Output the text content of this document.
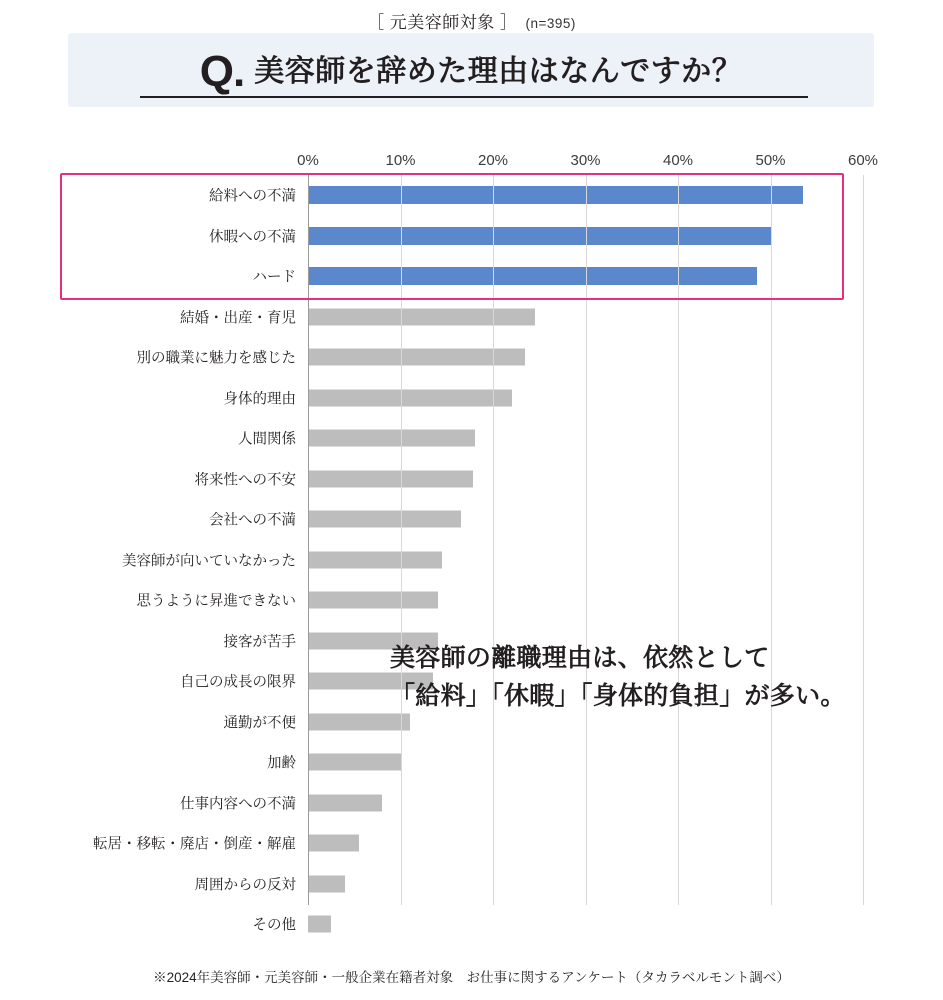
［ 元美容師対象 ］ (n=395)
Q. 美容師を辞めた理由はなんですか？
0%	10%	20%	30%	40%	50%	60%
給料への不満
休暇への不満
ハード
結婚・出産・育児
別の職業に魅力を感じた
身体的理由
人間関係
将来性への不安
会社への不満
美容師が向いていなかった
思うように昇進できない
接客が苦手
自己の成長の限界
通勤が不便
加齢
仕事内容への不満
転居・移転・廃店・倒産・解雇
周囲からの反対
その他
美容師の離職理由は、依然として
「給料」「休暇」「身体的負担」が多い。
※2024年美容師・元美容師・一般企業在籍者対象　お仕事に関するアンケート（タカラベルモント調べ）
